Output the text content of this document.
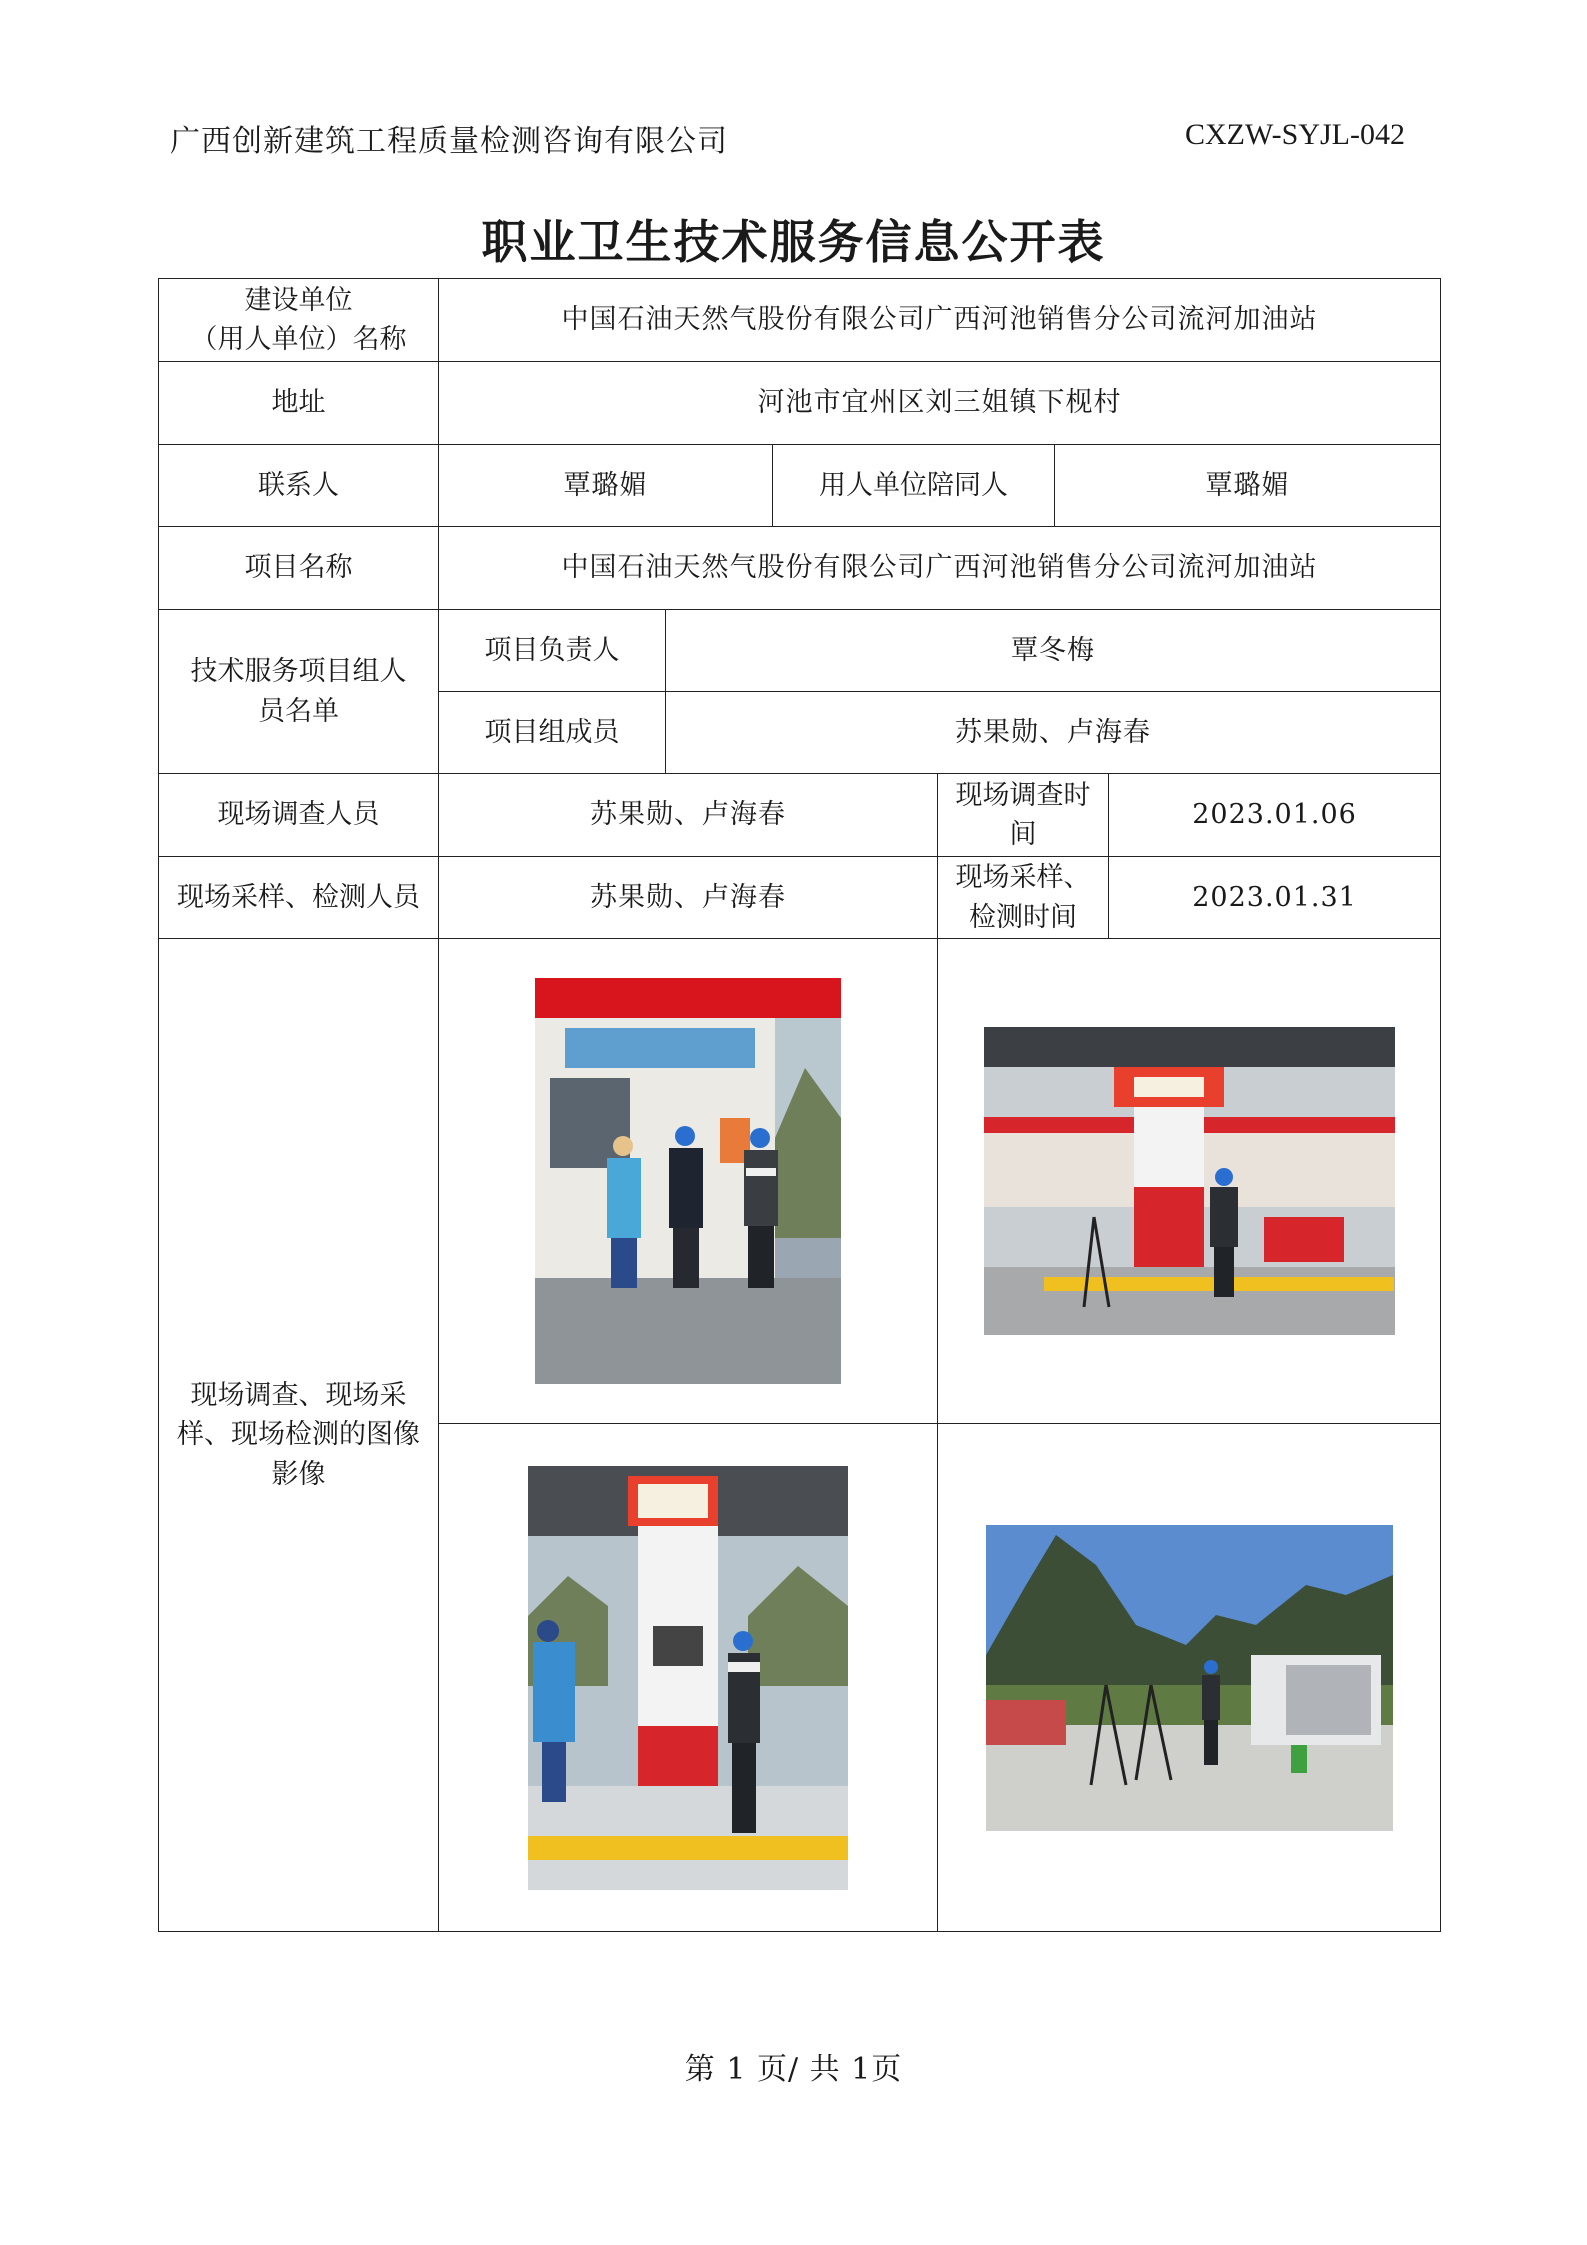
广西创新建筑工程质量检测咨询有限公司	CXZW-SYJL-042
职业卫生技术服务信息公开表
建设单位
（用人单位）名称	中国石油天然气股份有限公司广西河池销售分公司流河加油站					
地址	河池市宜州区刘三姐镇下枧村					
联系人	覃璐媚		用人单位陪同人		覃璐媚	
项目名称	中国石油天然气股份有限公司广西河池销售分公司流河加油站					

技术服务项目组人
员名单	项目负责人	覃冬梅				
	项目组成员	苏果勋、卢海春				
现场调查人员	苏果勋、卢海春			现场调查时间		2023.01.06
现场采样、检测人员	苏果勋、卢海春			现场采样、检测时间		2023.01.31

现场调查、现场采
样、现场检测的图像
影像

第 1 页/ 共 1页
